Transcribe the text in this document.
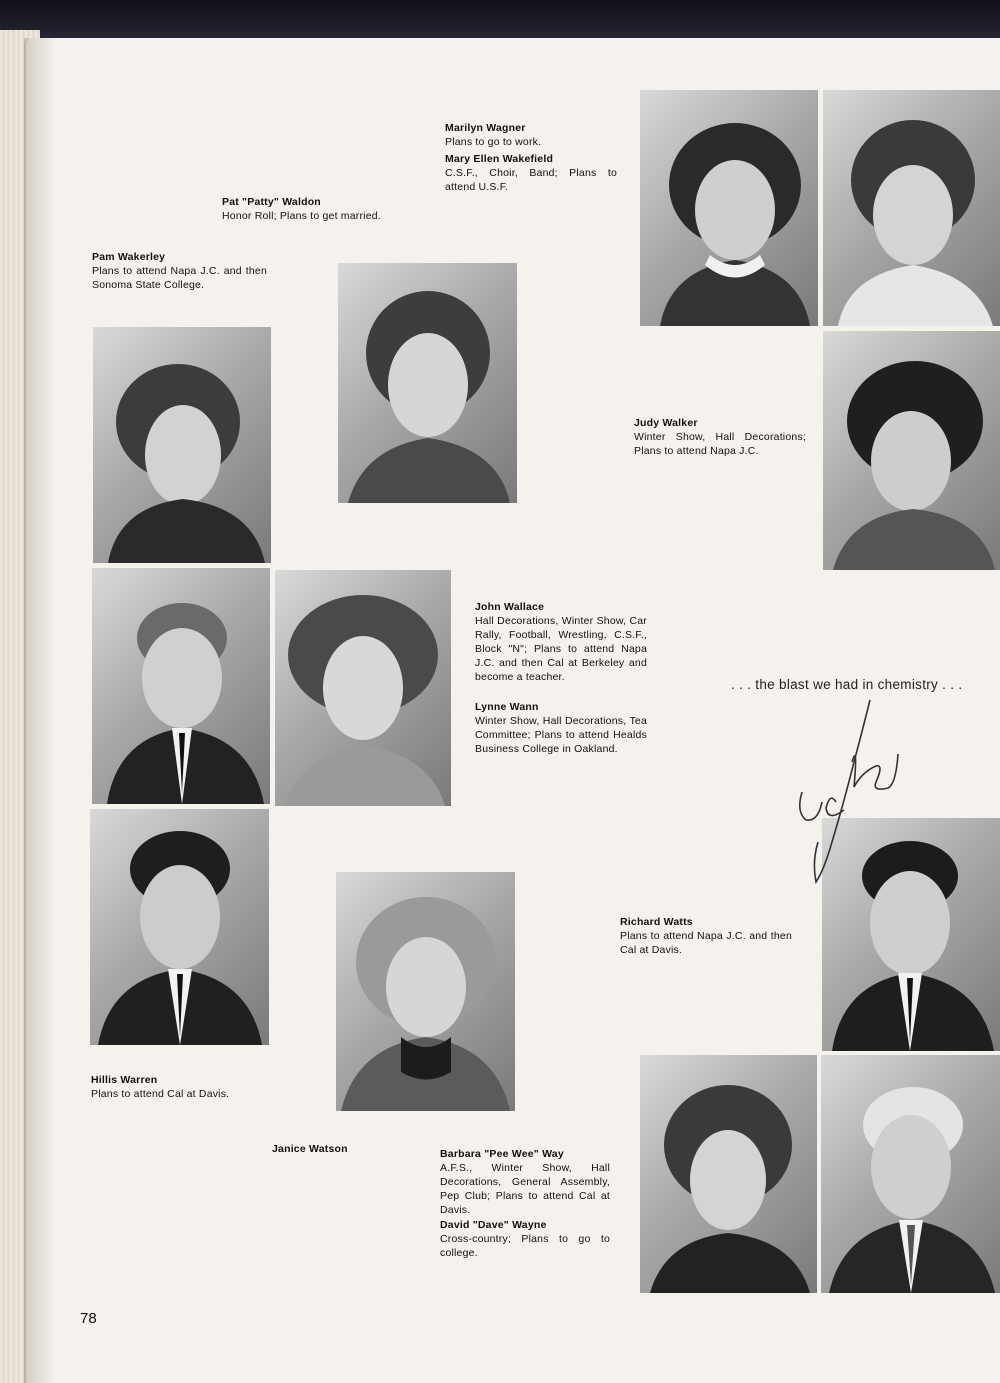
Marilyn Wagner
Plans to go to work.
Mary Ellen Wakefield
C.S.F., Choir, Band; Plans to attend U.S.F.
Pat "Patty" Waldon
Honor Roll; Plans to get married.
Pam Wakerley
Plans to attend Napa J.C. and then Sonoma State College.
Judy Walker
Winter Show, Hall Decorations; Plans to attend Napa J.C.
John Wallace
Hall Decorations, Winter Show, Car Rally, Football, Wrestling, C.S.F., Block "N"; Plans to attend Napa J.C. and then Cal at Berkeley and become a teacher.
Lynne Wann
Winter Show, Hall Decorations, Tea Committee; Plans to attend Healds Business College in Oakland.
Richard Watts
Plans to attend Napa J.C. and then Cal at Davis.
Hillis Warren
Plans to attend Cal at Davis.
Janice Watson	Barbara "Pee Wee" Way
A.F.S., Winter Show, Hall Decorations, General Assembly, Pep Club; Plans to attend Cal at Davis.
David "Dave" Wayne
Cross-country; Plans to go to college.
. . . the blast we had in chemistry . . .
78
